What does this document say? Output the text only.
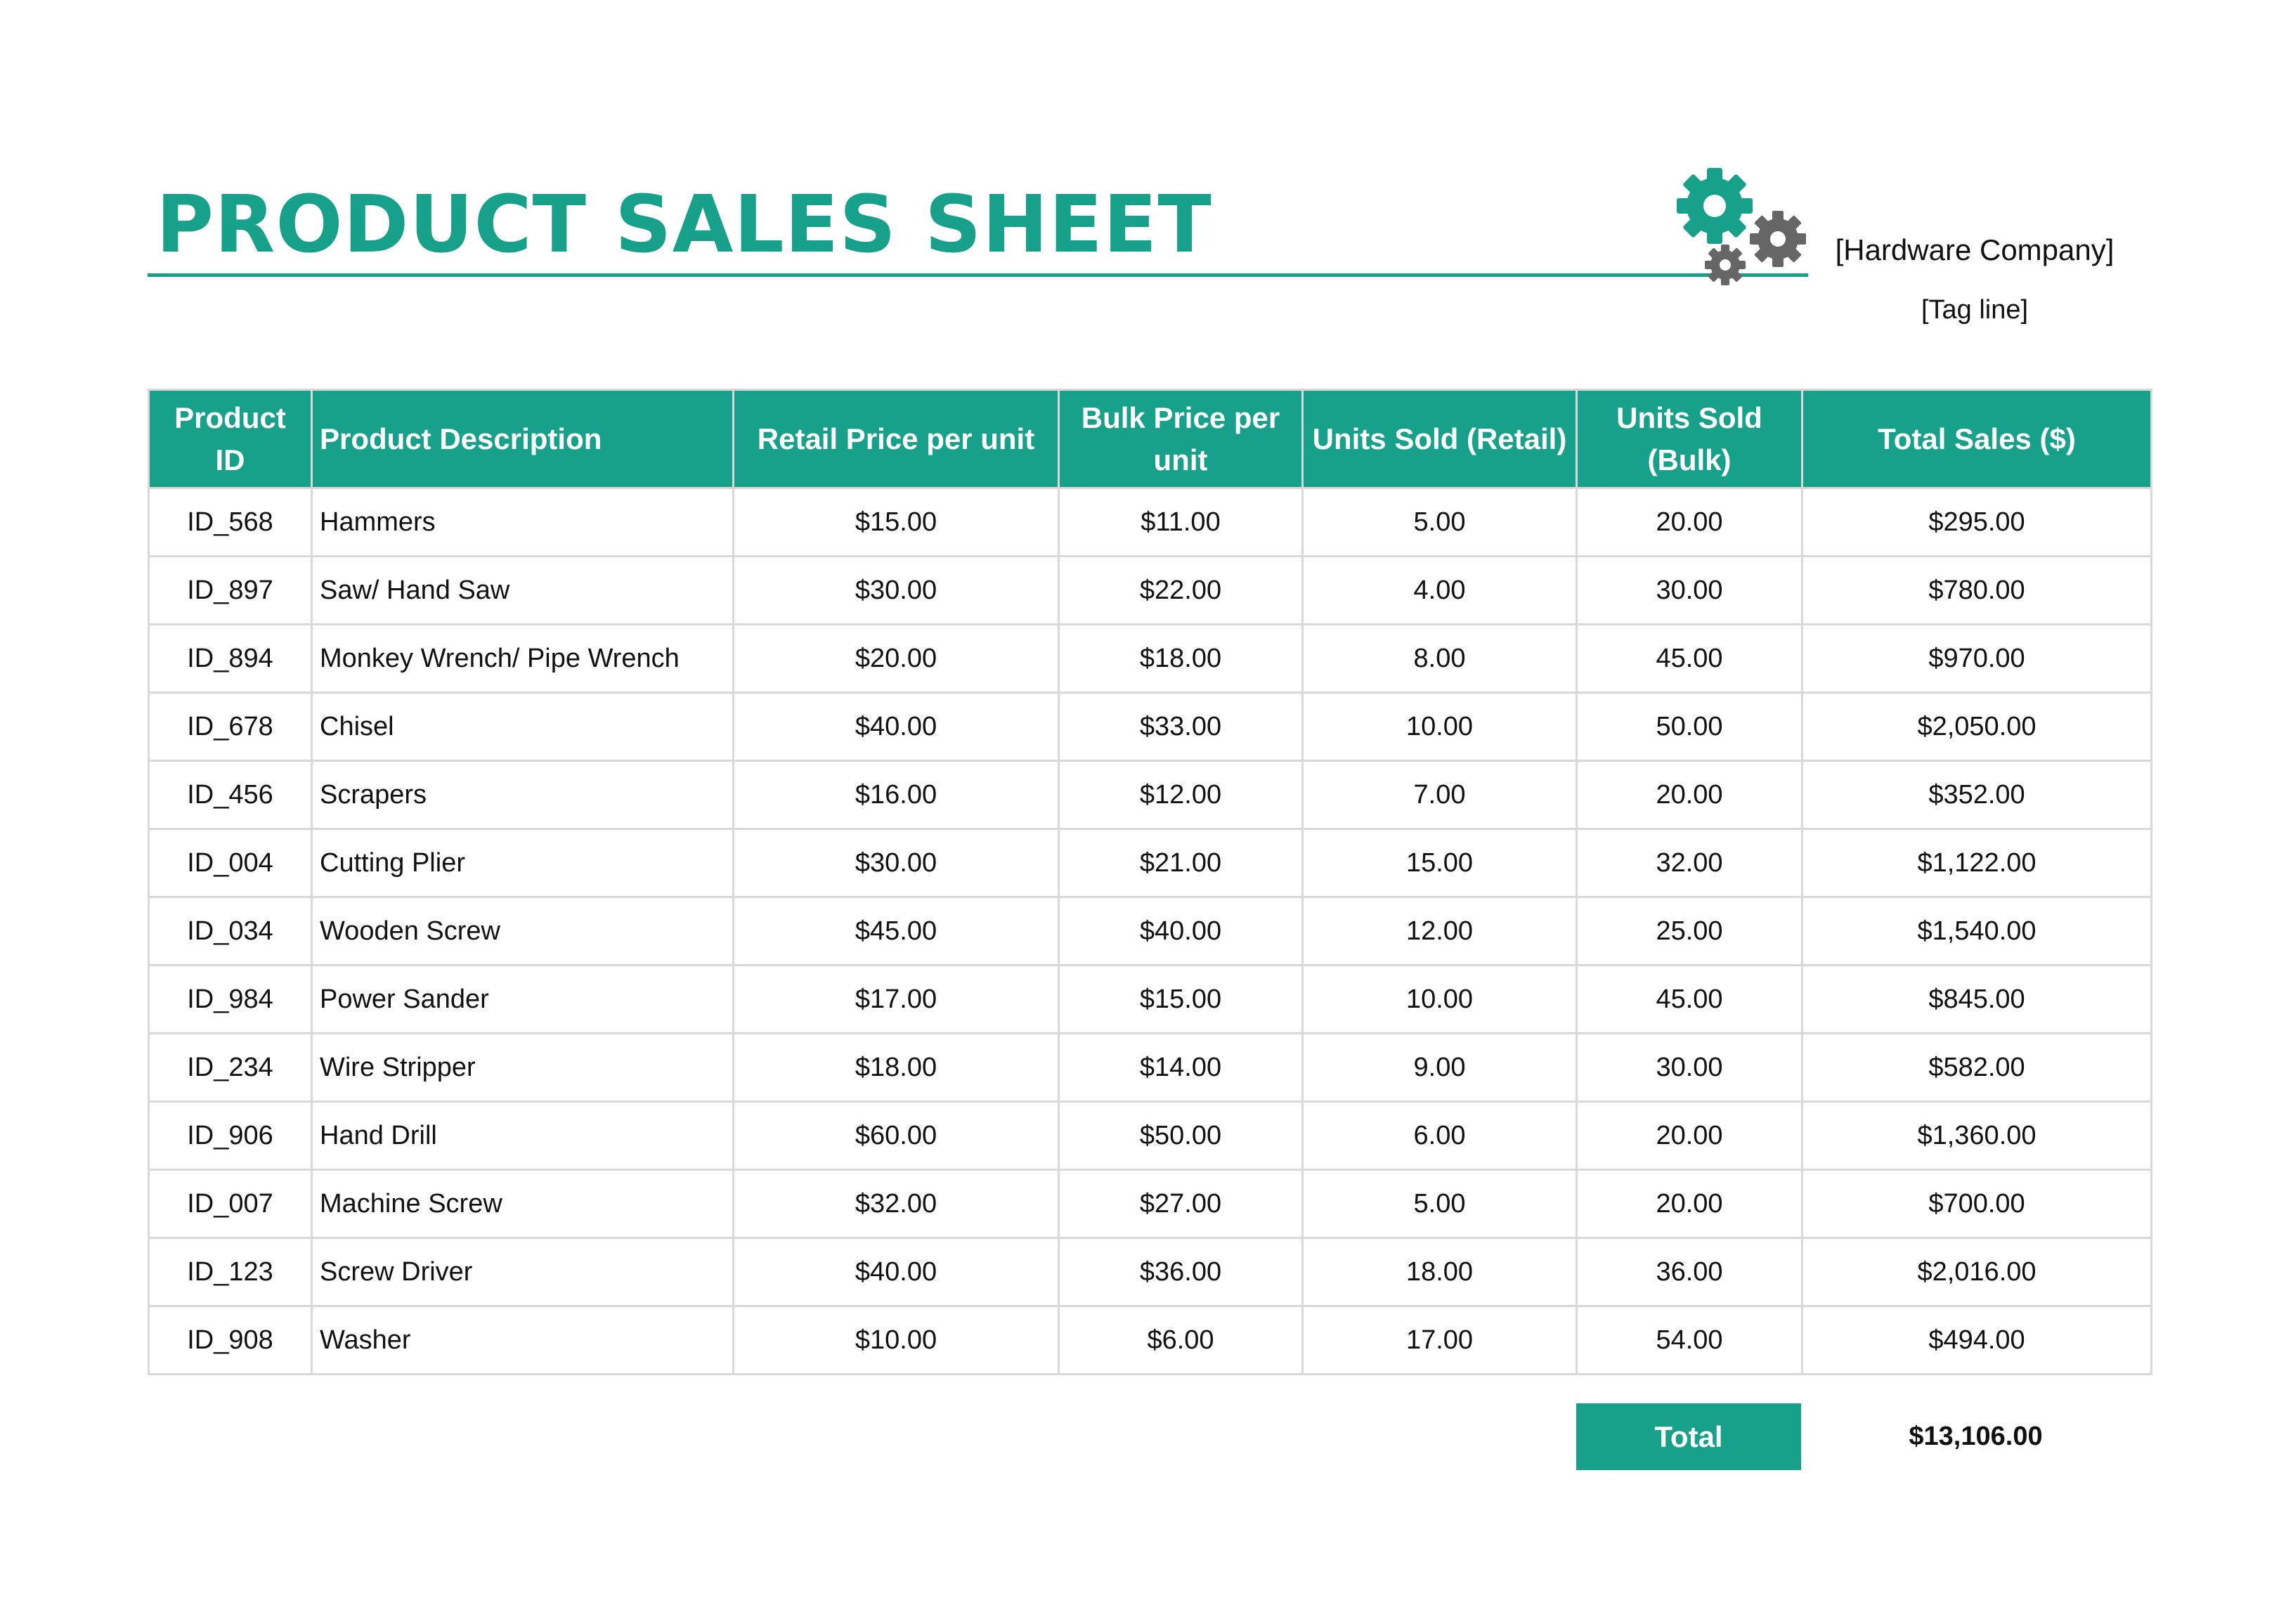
PRODUCT SALES SHEET	[Hardware Company]
[Tag line]
Product ID	Product Description	Retail Price per unit	Bulk Price per unit	Units Sold (Retail)	Units Sold (Bulk)	Total Sales ($)
ID_568	Hammers	$15.00	$11.00	5.00	20.00	$295.00
ID_897	Saw/ Hand Saw	$30.00	$22.00	4.00	30.00	$780.00
ID_894	Monkey Wrench/ Pipe Wrench	$20.00	$18.00	8.00	45.00	$970.00
ID_678	Chisel	$40.00	$33.00	10.00	50.00	$2,050.00
ID_456	Scrapers	$16.00	$12.00	7.00	20.00	$352.00
ID_004	Cutting Plier	$30.00	$21.00	15.00	32.00	$1,122.00
ID_034	Wooden Screw	$45.00	$40.00	12.00	25.00	$1,540.00
ID_984	Power Sander	$17.00	$15.00	10.00	45.00	$845.00
ID_234	Wire Stripper	$18.00	$14.00	9.00	30.00	$582.00
ID_906	Hand Drill	$60.00	$50.00	6.00	20.00	$1,360.00
ID_007	Machine Screw	$32.00	$27.00	5.00	20.00	$700.00
ID_123	Screw Driver	$40.00	$36.00	18.00	36.00	$2,016.00
ID_908	Washer	$10.00	$6.00	17.00	54.00	$494.00
Total	$13,106.00
